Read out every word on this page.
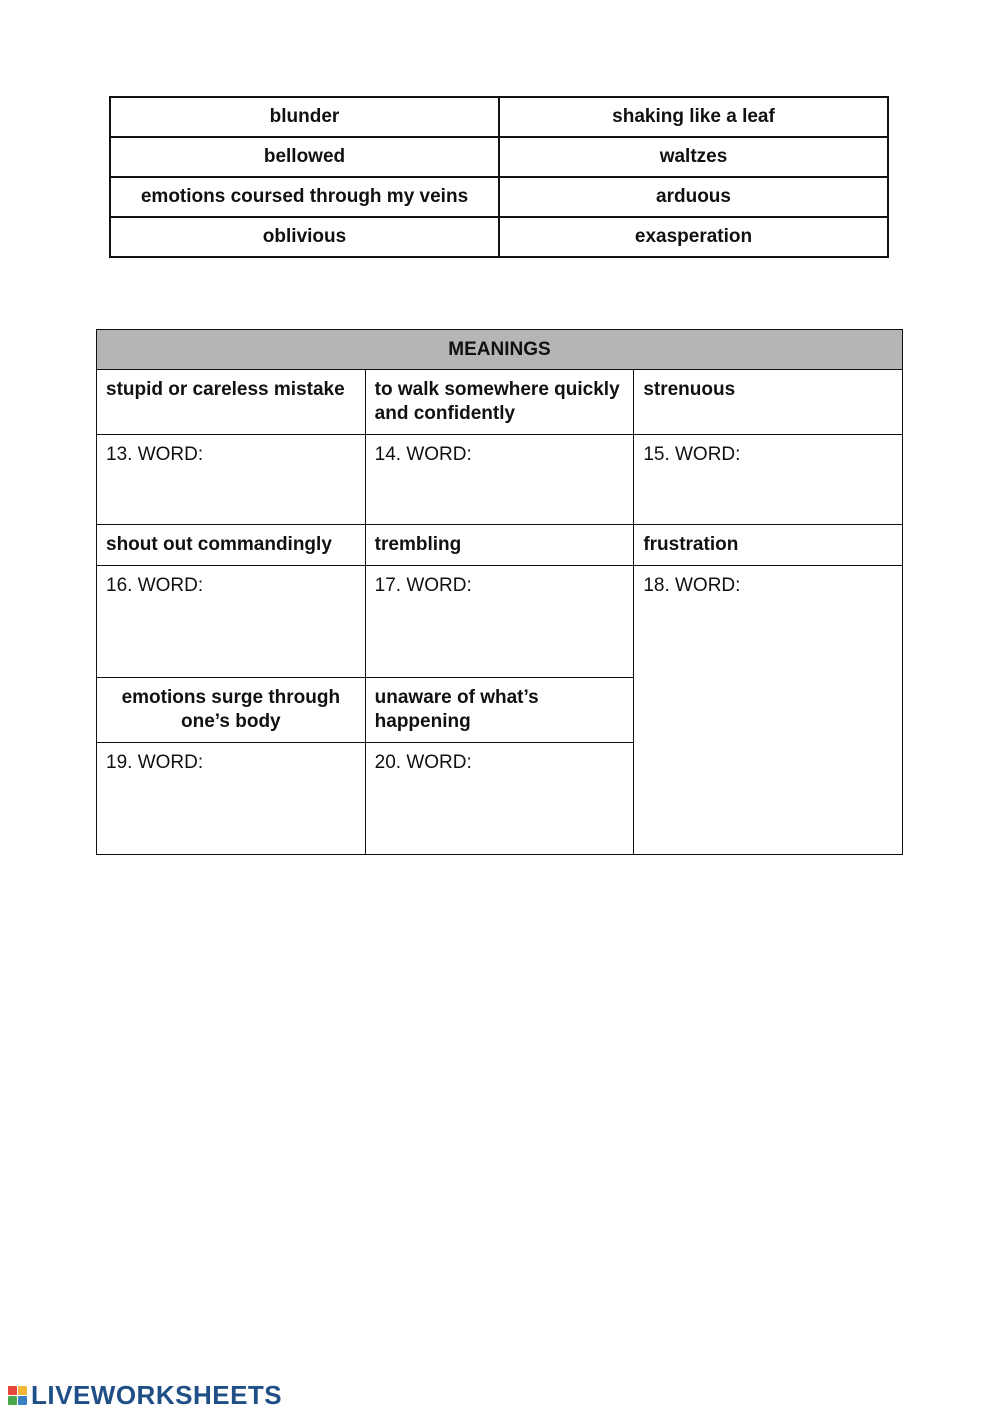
blunder	shaking like a leaf
bellowed	waltzes
emotions coursed through my veins	arduous
oblivious	exasperation
MEANINGS		
stupid or careless mistake	to walk somewhere quickly and confidently	strenuous
13. WORD:	14. WORD:	15. WORD:
shout out commandingly	trembling	frustration
16. WORD:	17. WORD:	18. WORD:
emotions surge through one’s body	unaware of what’s happening	
19. WORD:	20. WORD:	
LIVEWORKSHEETS
